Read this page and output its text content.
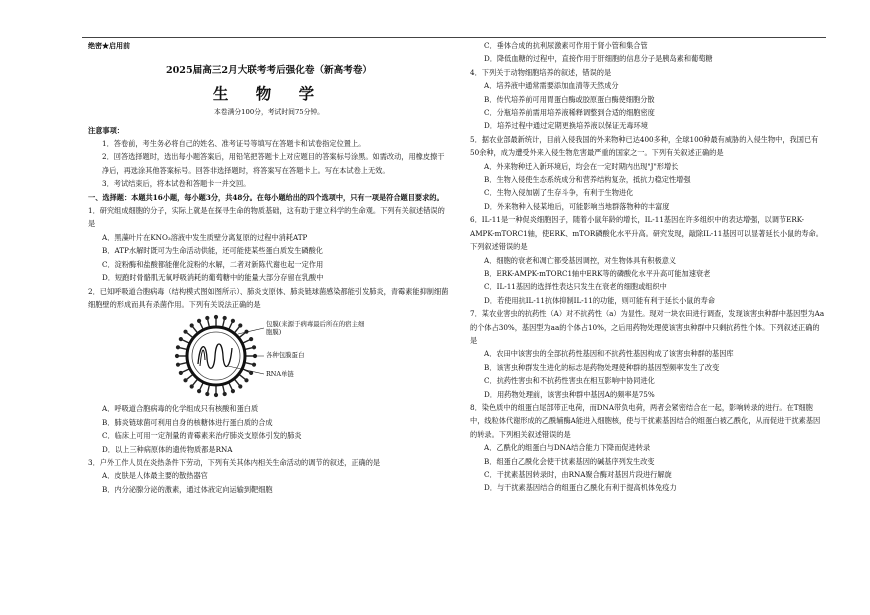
绝密★启用前

2025届高三2月大联考考后强化卷（新高考卷）

生 物 学

本卷满分100分，考试时间75分钟。

注意事项：

1．答卷前，考生务必将自己的姓名、准考证号等填写在答题卡和试卷指定位置上。

2．回答选择题时，选出每小题答案后，用铅笔把答题卡上对应题目的答案标号涂黑。如需改动，用橡皮擦干净后，再选涂其他答案标号。回答非选择题时，将答案写在答题卡上。写在本试卷上无效。

3．考试结束后，将本试卷和答题卡一并交回。

一、选择题：本题共16小题，每小题3分，共48分。在每小题给出的四个选项中，只有一项是符合题目要求的。

1．研究组成细胞的分子，实际上就是在探寻生命的物质基础，这有助于建立科学的生命观。下列有关叙述错误的是

A．黑藻叶片在KNO₃溶液中发生质壁分离复原的过程中消耗ATP

B．ATP水解时既可为生命活动供能，还可能使某些蛋白质发生磷酸化

C．淀粉酶和盐酸都能催化淀粉的水解，二者对新陈代谢也起一定作用

D．短跑时骨骼肌无氧呼吸消耗的葡萄糖中的能量大部分存留在乳酸中

2．已知呼吸道合胞病毒（结构模式图如图所示）、肺炎支原体、肺炎链球菌感染都能引发肺炎，青霉素能抑制细菌细胞壁的形成而具有杀菌作用。下列有关说法正确的是

包膜(来源于病毒最后所在的宿主细胞膜)
各种包膜蛋白
RNA单链

A．呼吸道合胞病毒的化学组成只有核酸和蛋白质

B．肺炎链球菌可利用自身的核糖体进行蛋白质的合成

C．临床上可用一定剂量的青霉素来治疗肺炎支原体引发的肺炎

D．以上三种病原体的遗传物质都是RNA

3．户外工作人员在炎热条件下劳动，下列有关其体内相关生命活动的调节的叙述，正确的是

A．皮肤是人体最主要的散热器官

B．内分泌腺分泌的激素，通过体液定向运输到靶细胞

C．垂体合成的抗利尿激素可作用于肾小管和集合管

D．降低血糖的过程中，直接作用于肝细胞的信息分子是胰岛素和葡萄糖

4．下列关于动物细胞培养的叙述，错误的是

A．培养液中通常需要添加血清等天然成分

B．传代培养前可用胃蛋白酶或胶原蛋白酶使细胞分散

C．分瓶培养前需用培养液稀释调整到合适的细胞密度

D．培养过程中通过定期更换培养液以保证无毒环境

5．据农业部最新统计，目前入侵我国的外来物种已达400多种，全球100种最有威胁的入侵生物中，我国已有50余种，成为遭受外来入侵生物危害最严重的国家之一。下列有关叙述正确的是

A．外来物种迁入新环境后，均会在一定时期内出现"J"形增长

B．生物入侵使生态系统成分和营养结构复杂，抵抗力稳定性增强

C．生物入侵加剧了生存斗争，有利于生物进化

D．外来物种入侵某地后，可能影响当地群落物种的丰富度

6．IL-11是一种促炎细胞因子，随着小鼠年龄的增长，IL-11基因在许多组织中的表达增强，以调节ERK-AMPK-mTORC1轴，使ERK、mTOR磷酸化水平升高。研究发现，敲除IL-11基因可以显著延长小鼠的寿命。下列叙述错误的是

A．细胞的衰老和凋亡都受基因调控，对生物体具有积极意义

B．ERK-AMPK-mTORC1轴中ERK等的磷酸化水平升高可能加速衰老

C．IL-11基因的选择性表达只发生在衰老的细胞或组织中

D．若使用抗IL-11抗体抑制IL-11的功能，则可能有利于延长小鼠的寿命

7．某农业害虫的抗药性（A）对不抗药性（a）为显性。现对一块农田进行调查，发现该害虫种群中基因型为Aa的个体占30%，基因型为aa的个体占10%，之后用药物处理使该害虫种群中只剩抗药性个体。下列叙述正确的是

A．农田中该害虫的全部抗药性基因和不抗药性基因构成了该害虫种群的基因库

B．该害虫种群发生进化的标志是药物处理使种群的基因型频率发生了改变

C．抗药性害虫和不抗药性害虫在相互影响中协同进化

D．用药物处理前，该害虫种群中基因A的频率是75%

8．染色质中的组蛋白尾部带正电荷，而DNA带负电荷，两者会紧密结合在一起，影响转录的进行。在T细胞中，线粒体代谢形成的乙酰辅酶A能进入细胞核，使与干扰素基因结合的组蛋白被乙酰化，从而促进干扰素基因的转录。下列相关叙述错误的是

A．乙酰化的组蛋白与DNA结合能力下降而促进转录

B．组蛋白乙酰化会使干扰素基因的碱基序列发生改变

C．干扰素基因转录时，由RNA聚合酶对基因片段进行解旋

D．与干扰素基因结合的组蛋白乙酰化有利于提高机体免疫力
